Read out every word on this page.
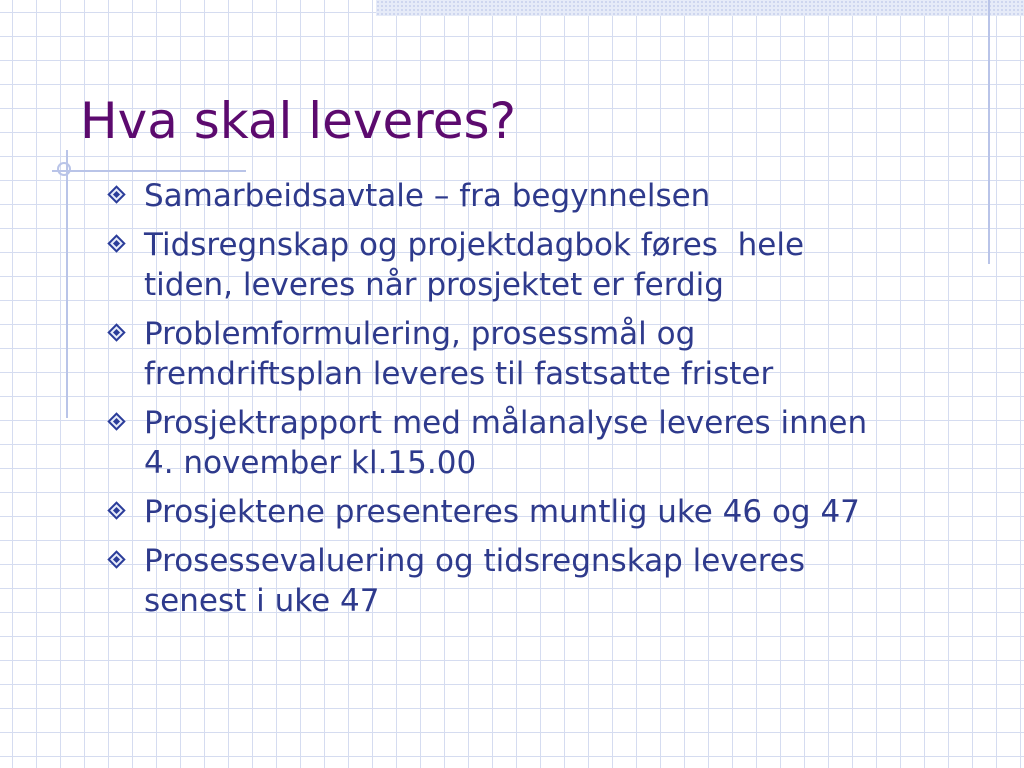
Hva skal leveres?
Samarbeidsavtale – fra begynnelsen
Tidsregnskap og projektdagbok føres  hele
tiden, leveres når prosjektet er ferdig
Problemformulering, prosessmål og
fremdriftsplan leveres til fastsatte frister
Prosjektrapport med målanalyse leveres innen
4. november kl.15.00
Prosjektene presenteres muntlig uke 46 og 47
Prosessevaluering og tidsregnskap leveres
senest i uke 47
